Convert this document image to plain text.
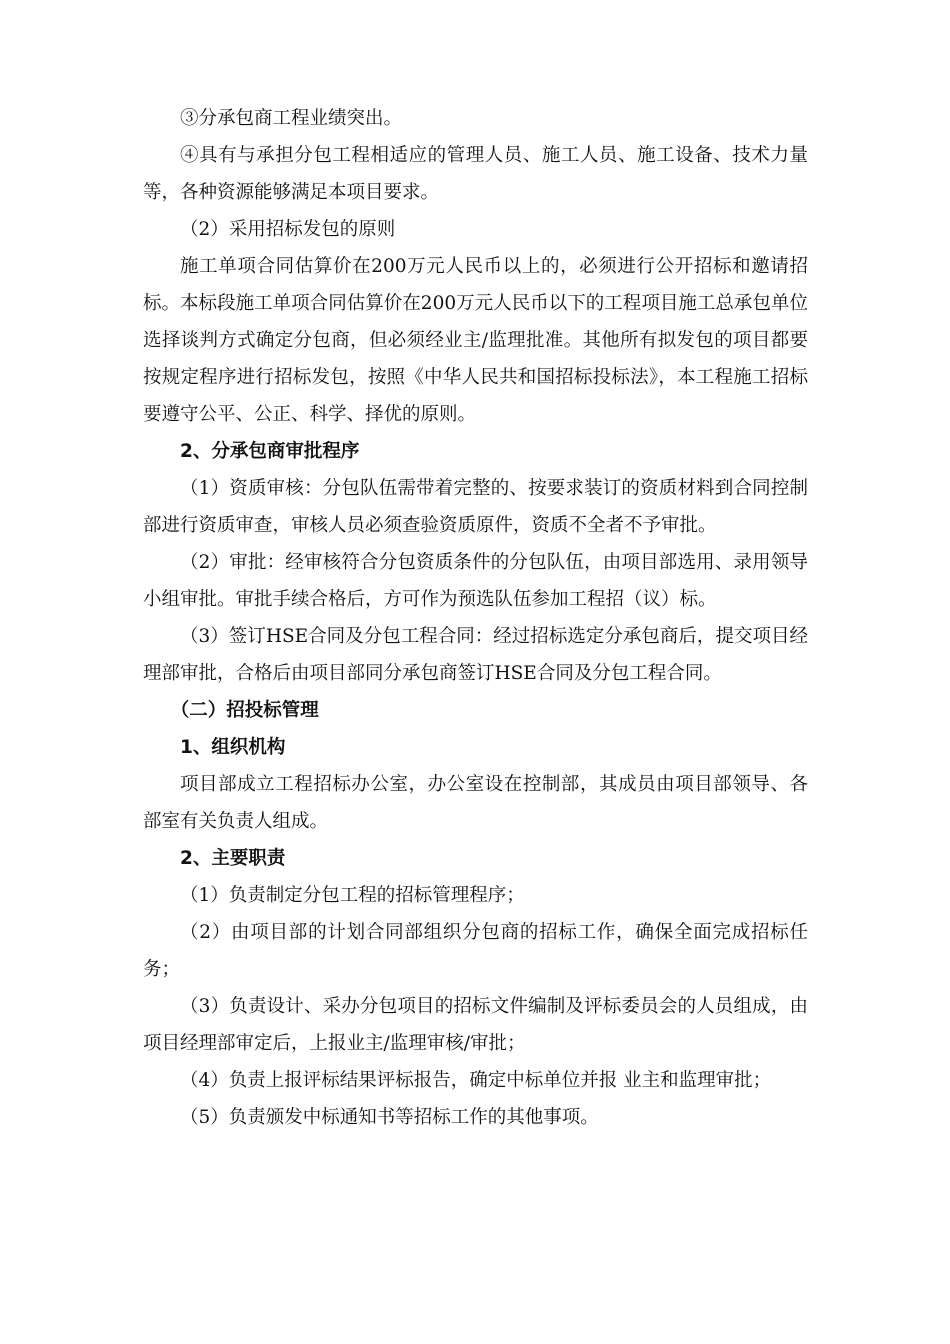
③分承包商工程业绩突出。

④具有与承担分包工程相适应的管理人员、施工人员、施工设备、技术力量等，各种资源能够满足本项目要求。

（2）采用招标发包的原则

施工单项合同估算价在200万元人民币以上的，必须进行公开招标和邀请招标。本标段施工单项合同估算价在200万元人民币以下的工程项目施工总承包单位选择谈判方式确定分包商，但必须经业主/监理批准。其他所有拟发包的项目都要按规定程序进行招标发包，按照《中华人民共和国招标投标法》，本工程施工招标要遵守公平、公正、科学、择优的原则。

2、分承包商审批程序

（1）资质审核：分包队伍需带着完整的、按要求装订的资质材料到合同控制部进行资质审查，审核人员必须查验资质原件，资质不全者不予审批。

（2）审批：经审核符合分包资质条件的分包队伍，由项目部选用、录用领导小组审批。审批手续合格后，方可作为预选队伍参加工程招（议）标。

（3）签订HSE合同及分包工程合同：经过招标选定分承包商后，提交项目经理部审批，合格后由项目部同分承包商签订HSE合同及分包工程合同。

（二）招投标管理

1、组织机构

项目部成立工程招标办公室，办公室设在控制部，其成员由项目部领导、各部室有关负责人组成。

2、主要职责

（1）负责制定分包工程的招标管理程序；

（2）由项目部的计划合同部组织分包商的招标工作，确保全面完成招标任务；

（3）负责设计、采办分包项目的招标文件编制及评标委员会的人员组成，由项目经理部审定后，上报业主/监理审核/审批；

（4）负责上报评标结果评标报告，确定中标单位并报 业主和监理审批；

（5）负责颁发中标通知书等招标工作的其他事项。
